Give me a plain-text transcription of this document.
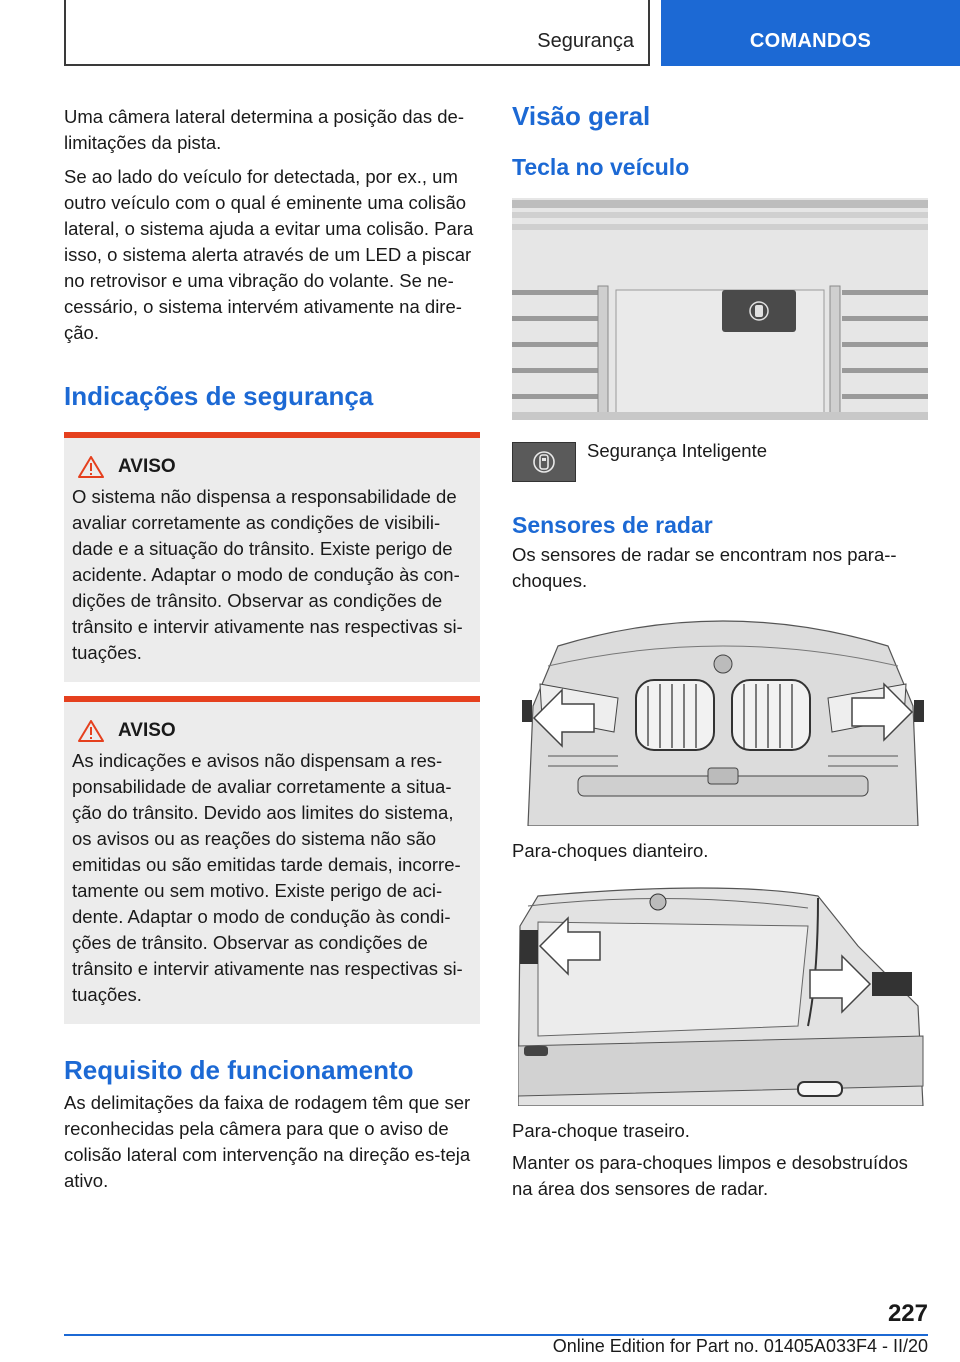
Segurança	COMANDOS

Uma câmera lateral determina a posição das de-limitações da pista.

Se ao lado do veículo for detectada, por ex., um outro veículo com o qual é eminente uma colisão lateral, o sistema ajuda a evitar uma colisão. Para isso, o sistema alerta através de um LED a piscar no retrovisor e uma vibração do volante. Se ne-cessário, o sistema intervém ativamente na dire-ção.

Indicações de segurança
AVISO

O sistema não dispensa a responsabilidade de avaliar corretamente as condições de visibili-dade e a situação do trânsito. Existe perigo de acidente. Adaptar o modo de condução às con-dições de trânsito. Observar as condições de trânsito e intervir ativamente nas respectivas si-tuações.

AVISO

As indicações e avisos não dispensam a res-ponsabilidade de avaliar corretamente a situa-ção do trânsito. Devido aos limites do sistema, os avisos ou as reações do sistema não são emitidas ou são emitidas tarde demais, incorre-tamente ou sem motivo. Existe perigo de aci-dente. Adaptar o modo de condução às condi-ções de trânsito. Observar as condições de trânsito e intervir ativamente nas respectivas si-tuações.

Requisito de funcionamento

As delimitações da faixa de rodagem têm que ser reconhecidas pela câmera para que o aviso de colisão lateral com intervenção na direção es-teja ativo.

Visão geral
Tecla no veículo
Segurança Inteligente
Sensores de radar

Os sensores de radar se encontram nos para--choques.

Para-choques dianteiro.

Para-choque traseiro.

Manter os para-choques limpos e desobstruídos na área dos sensores de radar.

227
Online Edition for Part no. 01405A033F4 - II/20
